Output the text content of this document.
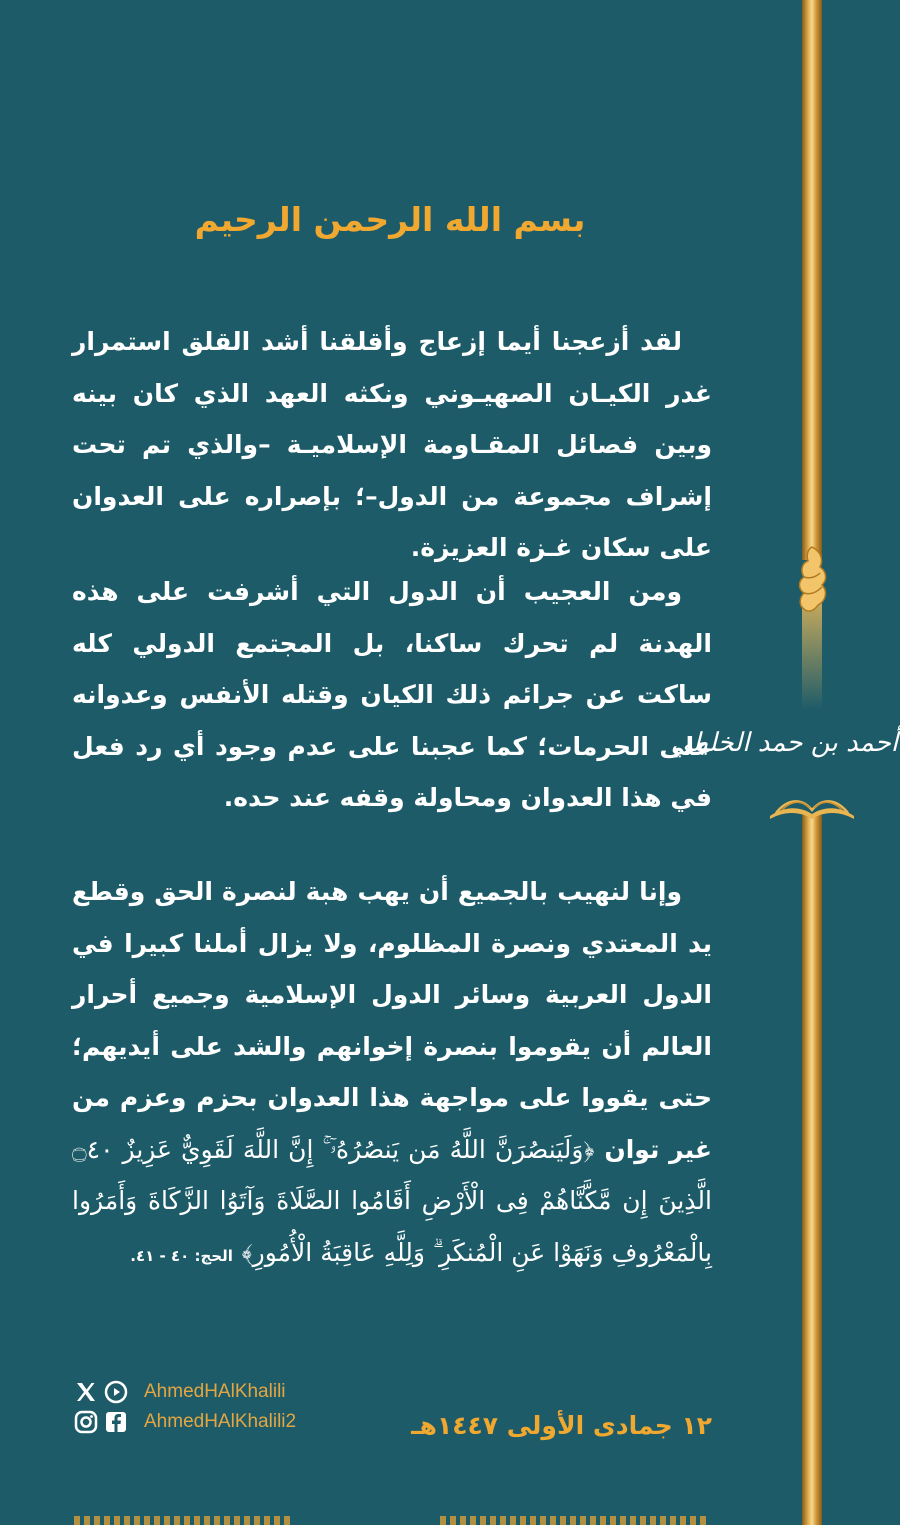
أحمد بن حمد الخليلي
بسم الله الرحمن الرحيم

لقد أزعجنا أيما إزعاج وأقلقنا أشد القلق استمرار غدر الكيـان الصهيـوني ونكثه العهد الذي كان بينه وبين فصائل المقـاومة الإسلاميـة –والذي تم تحت إشراف مجموعة من الدول–؛ بإصراره على العدوان على سكان غـزة العزيزة.

ومن العجيب أن الدول التي أشرفت على هذه الهدنة لم تحرك ساكنا، بل المجتمع الدولي كله ساكت عن جرائم ذلك الكيان وقتله الأنفس وعدوانه على الحرمات؛ كما عجبنا على عدم وجود أي رد فعل في هذا العدوان ومحاولة وقفه عند حده.

وإنا لنهيب بالجميع أن يهب هبة لنصرة الحق وقطع يد المعتدي ونصرة المظلوم، ولا يزال أملنا كبيرا في الدول العربية وسائر الدول الإسلامية وجميع أحرار العالم أن يقوموا بنصرة إخوانهم والشد على أيديهم؛ حتى يقووا على مواجهة هذا العدوان بحزم وعزم من غير توان ﴿وَلَيَنصُرَنَّ اللَّهُ مَن يَنصُرُهُۥٓ ۚ إِنَّ اللَّهَ لَقَوِيٌّ عَزِيزٌ ۝٤٠ الَّذِينَ إِن مَّكَّنَّاهُمْ فِى الْأَرْضِ أَقَامُوا الصَّلَاةَ وَآتَوُا الزَّكَاةَ وَأَمَرُوا بِالْمَعْرُوفِ وَنَهَوْا عَنِ الْمُنكَرِ ۗ وَلِلَّهِ عَاقِبَةُ الْأُمُورِ﴾ الحج: ٤٠ - ٤١.

AhmedHAlKhalili
AhmedHAlKhalili2	١٢ جمادى الأولى ١٤٤٧هـ
